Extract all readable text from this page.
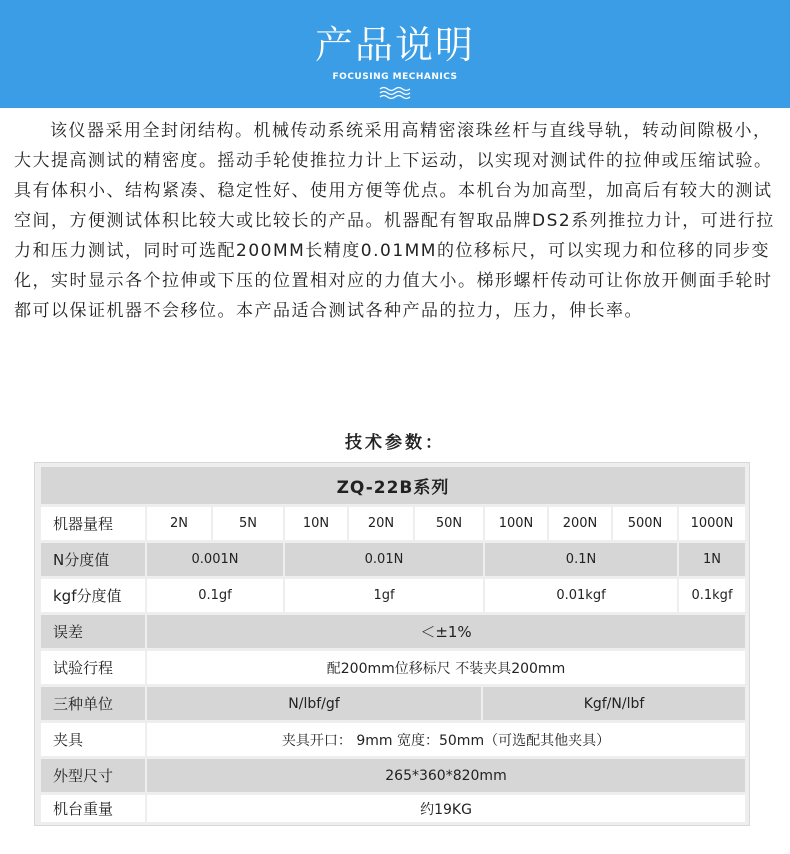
产品说明
FOCUSING MECHANICS

该仪器采用全封闭结构。机械传动系统采用高精密滚珠丝杆与直线导轨，转动间隙极小，大大提高测试的精密度。摇动手轮使推拉力计上下运动，以实现对测试件的拉伸或压缩试验。具有体积小、结构紧凑、稳定性好、使用方便等优点。本机台为加高型，加高后有较大的测试空间，方便测试体积比较大或比较长的产品。机器配有智取品牌DS2系列推拉力计，可进行拉力和压力测试，同时可选配200MM长精度0.01MM的位移标尺，可以实现力和位移的同步变化，实时显示各个拉伸或下压的位置相对应的力值大小。梯形螺杆传动可让你放开侧面手轮时都可以保证机器不会移位。本产品适合测试各种产品的拉力，压力，伸长率。

技术参数：
ZQ-22B系列
机器量程	2N	5N	10N	20N	50N	100N	200N	500N	1000N
N分度值	0.001N	0.01N	0.1N	1N
kgf分度值	0.1gf	1gf	0.01kgf	0.1kgf
误差	＜±1%
试验行程	配200mm位移标尺 不装夹具200mm
三种单位	N/lbf/gf	Kgf/N/lbf
夹具	夹具开口： 9mm 宽度：50mm（可选配其他夹具）
外型尺寸	265*360*820mm
机台重量	约19KG
